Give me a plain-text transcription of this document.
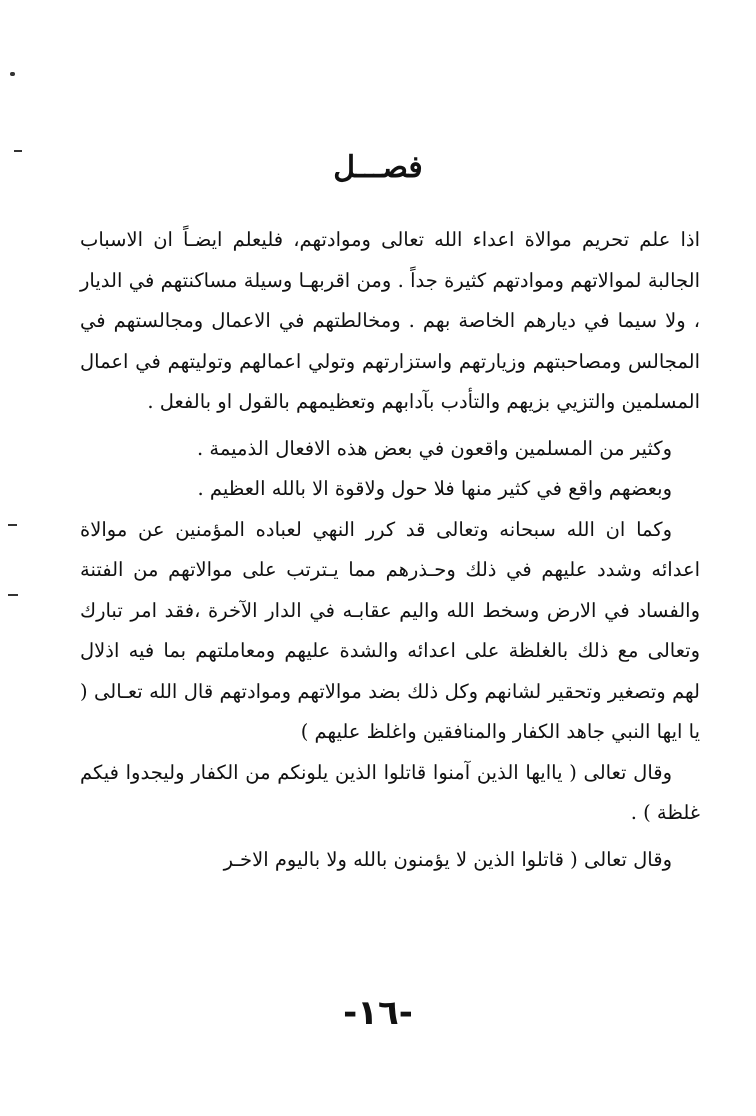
فصـــل

اذا علم تحريم موالاة اعداء الله تعالى وموادتهم، فليعلم ايضـاً ان الاسباب الجالبة لموالاتهم وموادتهم كثيرة جداً . ومن اقربهـا وسيلة مساكنتهم في الديار ، ولا سيما في ديارهم الخاصة بهم . ومخالطتهم في الاعمال ومجالستهم في المجالس ومصاحبتهم وزيارتهم واستزارتهم وتولي اعمالهم وتوليتهم في اعمال المسلمين والتزيي بزيهم والتأدب بآدابهم وتعظيمهم بالقول او بالفعل .

وكثير من المسلمين واقعون في بعض هذه الافعال الذميمة .

وبعضهم واقع في كثير منها فلا حول ولاقوة الا بالله العظيم .

وكما ان الله سبحانه وتعالى قد كرر النهي لعباده المؤمنين عن موالاة اعدائه وشدد عليهم في ذلك وحـذرهم مما يـترتب على موالاتهم من الفتنة والفساد في الارض وسخط الله واليم عقابـه في الدار الآخرة ،فقد امر تبارك وتعالى مع ذلك بالغلظة على اعدائه والشدة عليهم ومعاملتهم بما فيه اذلال لهم وتصغير وتحقير لشانهم وكل ذلك بضد موالاتهم وموادتهم قال الله تعـالى ( يا ايها النبي جاهد الكفار والمنافقين واغلظ عليهم )

وقال تعالى ( ياايها الذين آمنوا قاتلوا الذين يلونكم من الكفار وليجدوا فيكم غلظة ) .

وقال تعالى ( قاتلوا الذين لا يؤمنون بالله ولا باليوم الاخـر

-١٦-
